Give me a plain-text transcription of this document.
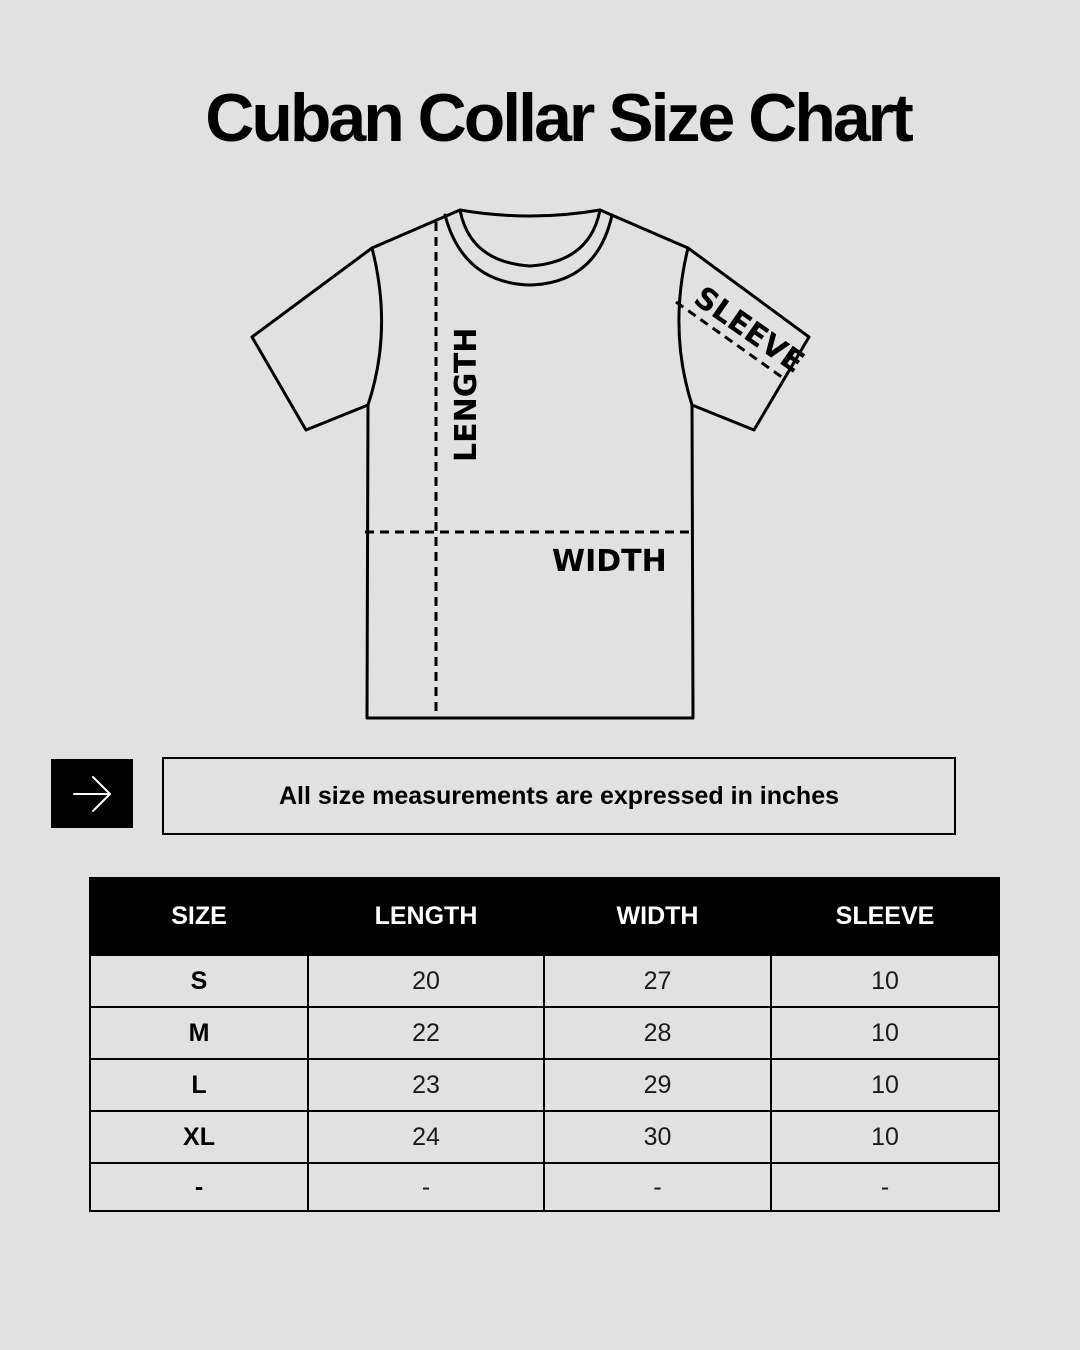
Cuban Collar Size Chart
LENGTH
WIDTH
SLEEVE
All size measurements are expressed in inches
SIZE	LENGTH	WIDTH	SLEEVE
S	20	27	10
M	22	28	10
L	23	29	10
XL	24	30	10
-	-	-	-
